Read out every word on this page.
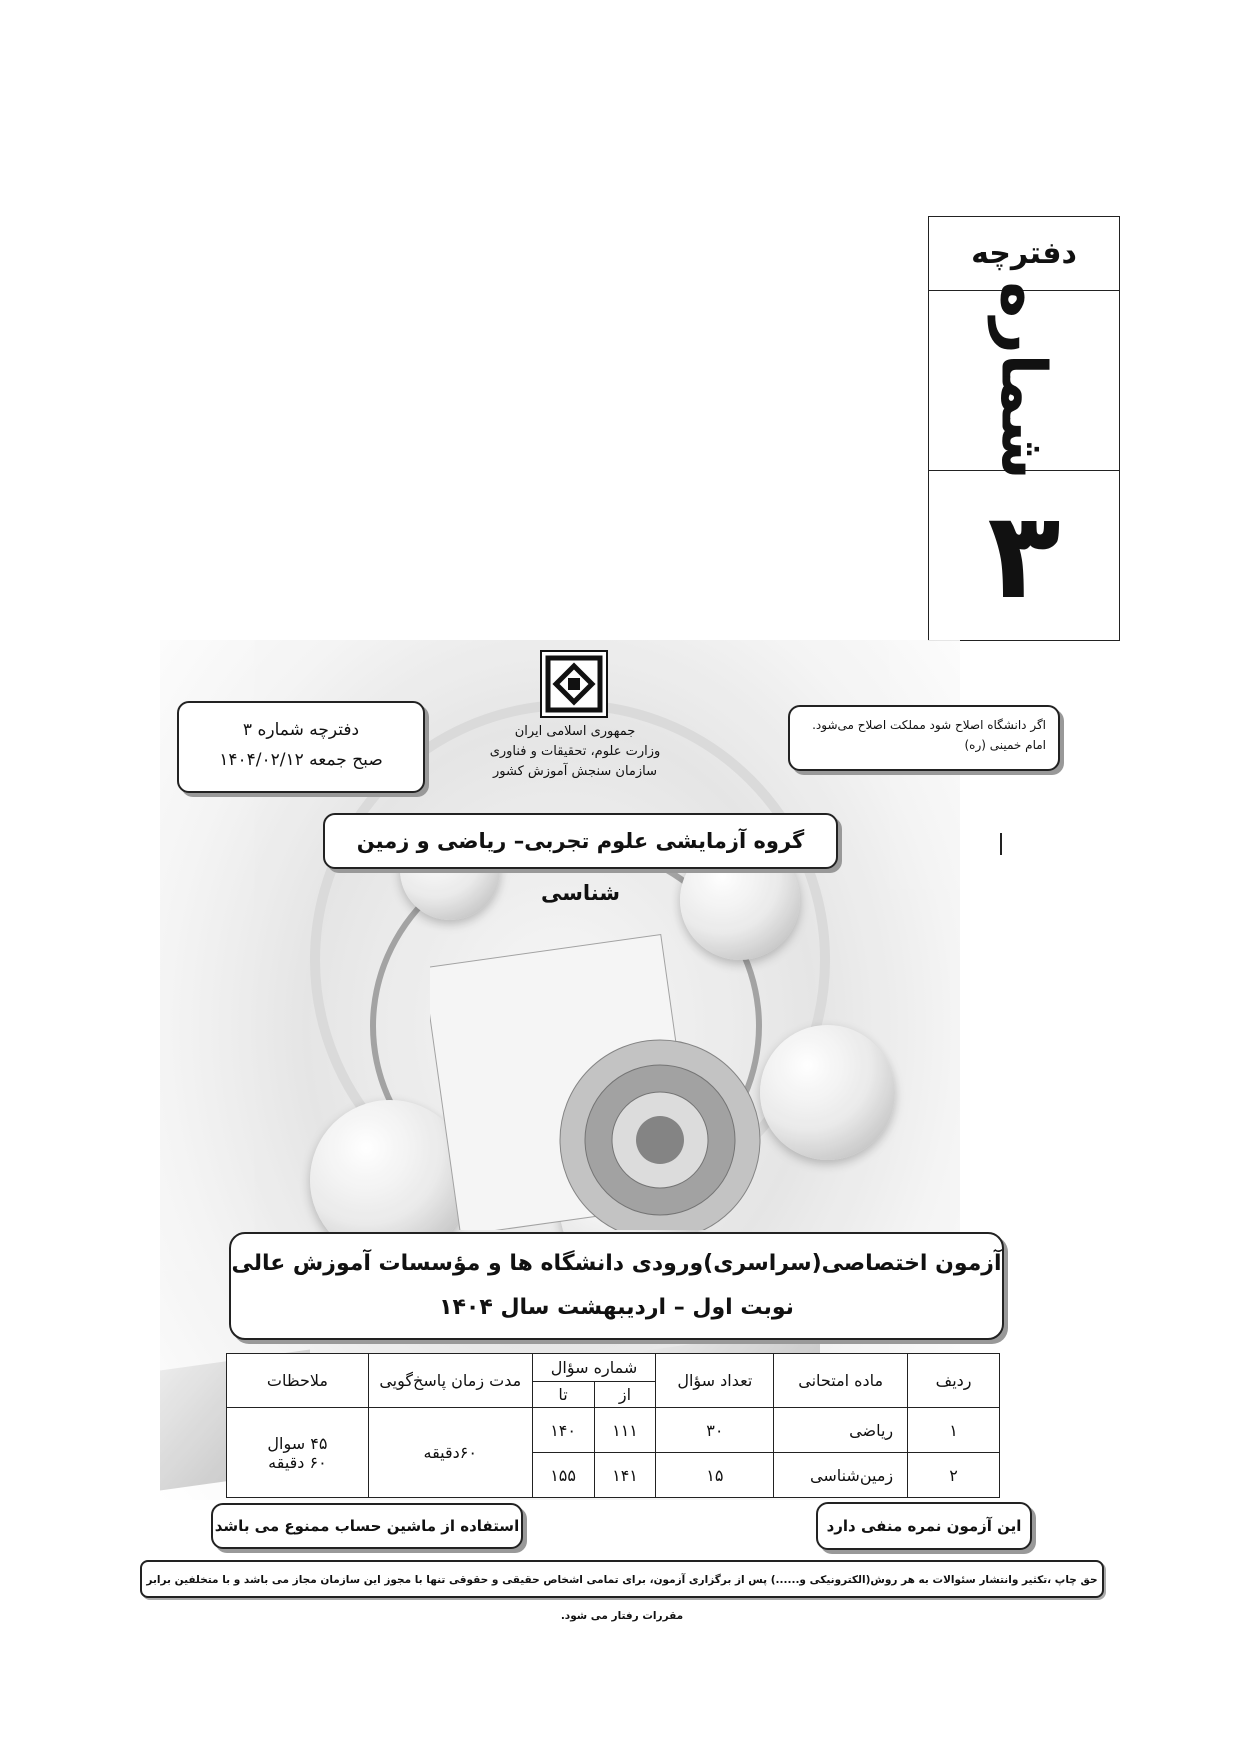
دفترچه
شماره
۳
اگر دانشگاه اصلاح شود مملکت اصلاح می‌شود.
امام خمینی (ره)
جمهوری اسلامی ایران
وزارت علوم، تحقیقات و فناوری
سازمان سنجش آموزش کشور
دفترچه شماره ۳
صبح جمعه ۱۴۰۴/۰۲/۱۲
گروه آزمایشی علوم تجربی– ریاضی و زمین شناسی
آزمون اختصاصی(سراسری)ورودی دانشگاه ها و مؤسسات آموزش عالی
نوبت اول – اردیبهشت سال ۱۴۰۴
ردیف	ماده امتحانی	تعداد سؤال	شماره سؤال		مدت زمان پاسخ‌گویی	ملاحظات
			از	تا		
۱	ریاضی	۳۰	۱۱۱	۱۴۰	۶۰دقیقه	۴۵ سوال
۶۰ دقیقه

۲	زمین‌شناسی	۱۵	۱۴۱	۱۵۵		
این آزمون نمره منفی دارد
استفاده از ماشین حساب ممنوع می باشد
حق چاپ ،تکثیر وانتشار سئوالات به هر روش(الکترونیکی و......) پس از برگزاری آزمون، برای تمامی اشخاص حقیقی و حقوقی تنها با مجوز این سازمان مجاز می باشد و با متخلفین برابر مقررات رفتار می شود.
